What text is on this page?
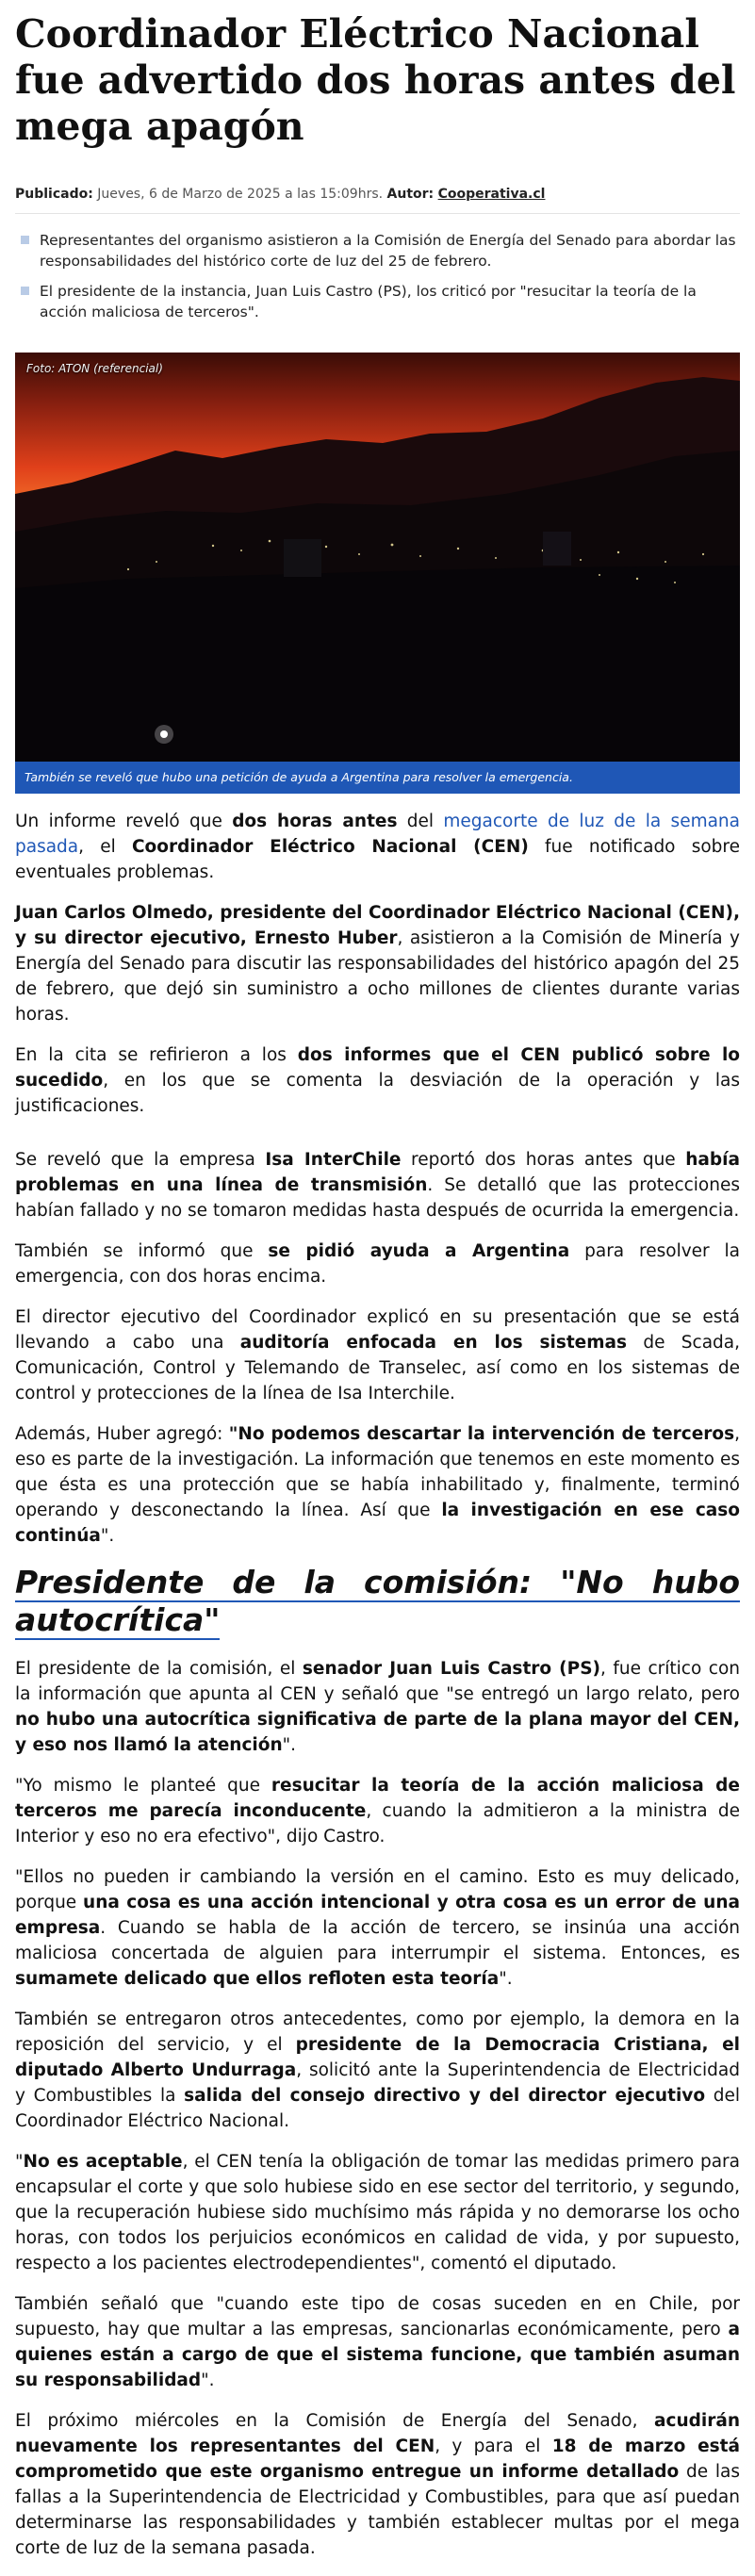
Coordinador Eléctrico Nacional fue advertido dos horas antes del mega apagón
Publicado: Jueves, 6 de Marzo de 2025 a las 15:09hrs. Autor: Cooperativa.cl
Representantes del organismo asistieron a la Comisión de Energía del Senado para abordar las responsabilidades del histórico corte de luz del 25 de febrero.
El presidente de la instancia, Juan Luis Castro (PS), los criticó por "resucitar la teoría de la acción maliciosa de terceros".
Foto: ATON (referencial)
También se reveló que hubo una petición de ayuda a Argentina para resolver la emergencia.

Un informe reveló que dos horas antes del megacorte de luz de la semana pasada, el Coordinador Eléctrico Nacional (CEN) fue notificado sobre eventuales problemas.

Juan Carlos Olmedo, presidente del Coordinador Eléctrico Nacional (CEN), y su director ejecutivo, Ernesto Huber, asistieron a la Comisión de Minería y Energía del Senado para discutir las responsabilidades del histórico apagón del 25 de febrero, que dejó sin suministro a ocho millones de clientes durante varias horas.

En la cita se refirieron a los dos informes que el CEN publicó sobre lo sucedido, en los que se comenta la desviación de la operación y las justificaciones.

Se reveló que la empresa Isa InterChile reportó dos horas antes que había problemas en una línea de transmisión. Se detalló que las protecciones habían fallado y no se tomaron medidas hasta después de ocurrida la emergencia.

También se informó que se pidió ayuda a Argentina para resolver la emergencia, con dos horas encima.

El director ejecutivo del Coordinador explicó en su presentación que se está llevando a cabo una auditoría enfocada en los sistemas de Scada, Comunicación, Control y Telemando de Transelec, así como en los sistemas de control y protecciones de la línea de Isa Interchile.

Además, Huber agregó: "No podemos descartar la intervención de terceros, eso es parte de la investigación. La información que tenemos en este momento es que ésta es una protección que se había inhabilitado y, finalmente, terminó operando y desconectando la línea. Así que la investigación en ese caso continúa".

Presidente de la comisión: "No hubo autocrítica"

El presidente de la comisión, el senador Juan Luis Castro (PS), fue crítico con la información que apunta al CEN y señaló que "se entregó un largo relato, pero no hubo una autocrítica significativa de parte de la plana mayor del CEN, y eso nos llamó la atención".

"Yo mismo le planteé que resucitar la teoría de la acción maliciosa de terceros me parecía inconducente, cuando la admitieron a la ministra de Interior y eso no era efectivo", dijo Castro.

"Ellos no pueden ir cambiando la versión en el camino. Esto es muy delicado, porque una cosa es una acción intencional y otra cosa es un error de una empresa. Cuando se habla de la acción de tercero, se insinúa una acción maliciosa concertada de alguien para interrumpir el sistema. Entonces, es sumamete delicado que ellos refloten esta teoría".

También se entregaron otros antecedentes, como por ejemplo, la demora en la reposición del servicio, y el presidente de la Democracia Cristiana, el diputado Alberto Undurraga, solicitó ante la Superintendencia de Electricidad y Combustibles la salida del consejo directivo y del director ejecutivo del Coordinador Eléctrico Nacional.

"No es aceptable, el CEN tenía la obligación de tomar las medidas primero para encapsular el corte y que solo hubiese sido en ese sector del territorio, y segundo, que la recuperación hubiese sido muchísimo más rápida y no demorarse los ocho horas, con todos los perjuicios económicos en calidad de vida, y por supuesto, respecto a los pacientes electrodependientes", comentó el diputado.

También señaló que "cuando este tipo de cosas suceden en en Chile, por supuesto, hay que multar a las empresas, sancionarlas económicamente, pero a quienes están a cargo de que el sistema funcione, que también asuman su responsabilidad".

El próximo miércoles en la Comisión de Energía del Senado, acudirán nuevamente los representantes del CEN, y para el 18 de marzo está comprometido que este organismo entregue un informe detallado de las fallas a la Superintendencia de Electricidad y Combustibles, para que así puedan determinarse las responsabilidades y también establecer multas por el mega corte de luz de la semana pasada.
